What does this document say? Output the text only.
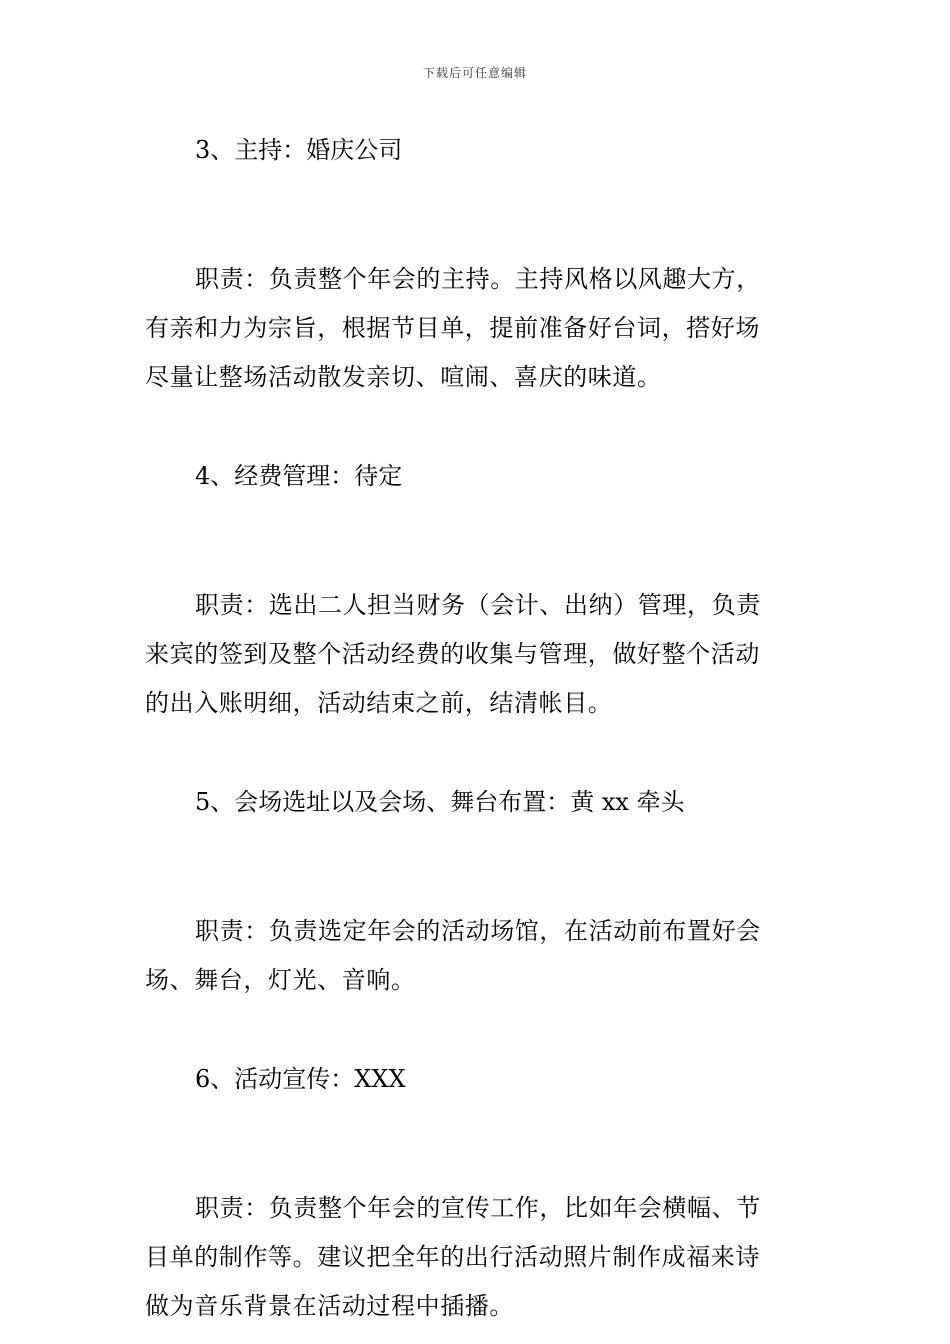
下载后可任意编辑

3、主持：婚庆公司

职责：负责整个年会的主持。主持风格以风趣大方，
有亲和力为宗旨，根据节目单，提前准备好台词，搭好场
尽量让整场活动散发亲切、喧闹、喜庆的味道。

4、经费管理：待定

职责：选出二人担当财务（会计、出纳）管理，负责
来宾的签到及整个活动经费的收集与管理，做好整个活动
的出入账明细，活动结束之前，结清帐目。

5、会场选址以及会场、舞台布置：黄 xx 牵头

职责：负责选定年会的活动场馆，在活动前布置好会
场、舞台，灯光、音响。

6、活动宣传：XXX

职责：负责整个年会的宣传工作，比如年会横幅、节
目单的制作等。建议把全年的出行活动照片制作成福来诗
做为音乐背景在活动过程中插播。
